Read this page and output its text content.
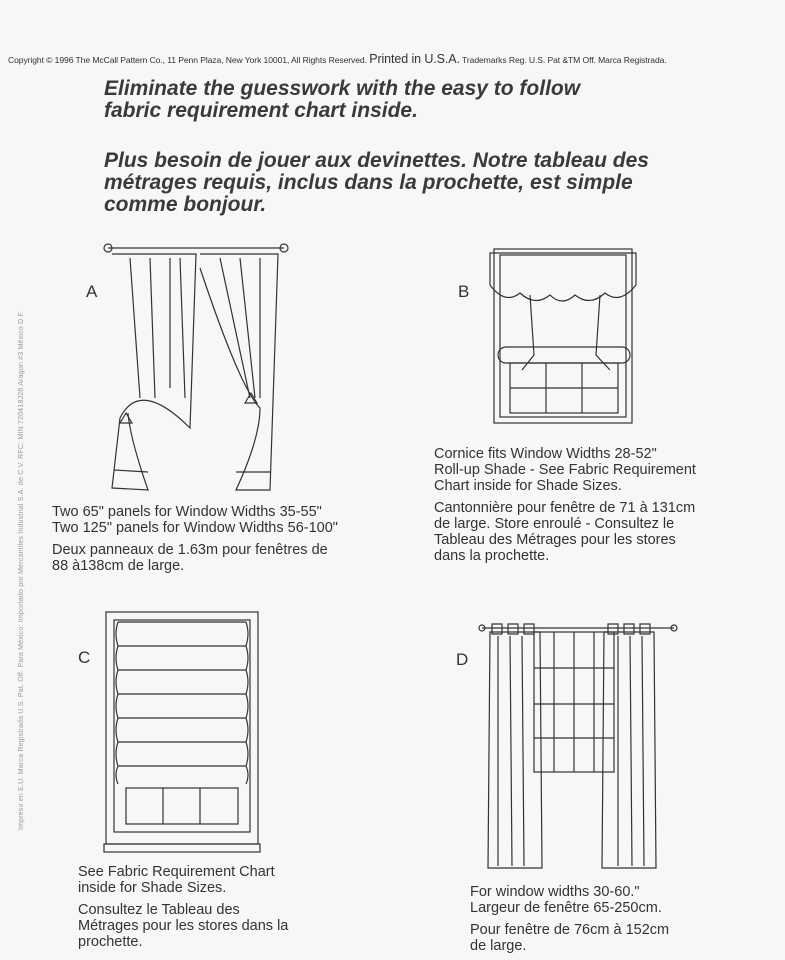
Copyright © 1996 The McCall Pattern Co., 11 Penn Plaza, New York 10001, All Rights Reserved. Printed in U.S.A. Trademarks Reg. U.S. Pat &TM Off. Marca Registrada.
Impreso en E.U. Marca Registrada U.S. Pat. Off. Para México: Importado por Mercantiles Industrial S.A. de C.V. RFC: MIN 720418J26 Aragon #3 México D.F.
Eliminate the guesswork with the easy to follow
fabric requirement chart inside.
Plus besoin de jouer aux devinettes. Notre tableau des
métrages requis, inclus dans la prochette, est simple
comme bonjour.
A

Two 65" panels for Window Widths 35-55"

Two 125" panels for Window Widths 56-100"

Deux panneaux de 1.63m pour fenêtres de

88 à138cm de large.

B

Cornice fits Window Widths 28-52"

Roll-up Shade - See Fabric Requirement

Chart inside for Shade Sizes.

Cantonnière pour fenêtre de 71 à 131cm

de large. Store enroulé - Consultez le

Tableau des Métrages pour les stores

dans la prochette.

C

See Fabric Requirement Chart

inside for Shade Sizes.

Consultez le Tableau des

Métrages pour les stores dans la

prochette.

D

For window widths 30-60."

Largeur de fenêtre 65-250cm.

Pour fenêtre de 76cm à 152cm

de large.
